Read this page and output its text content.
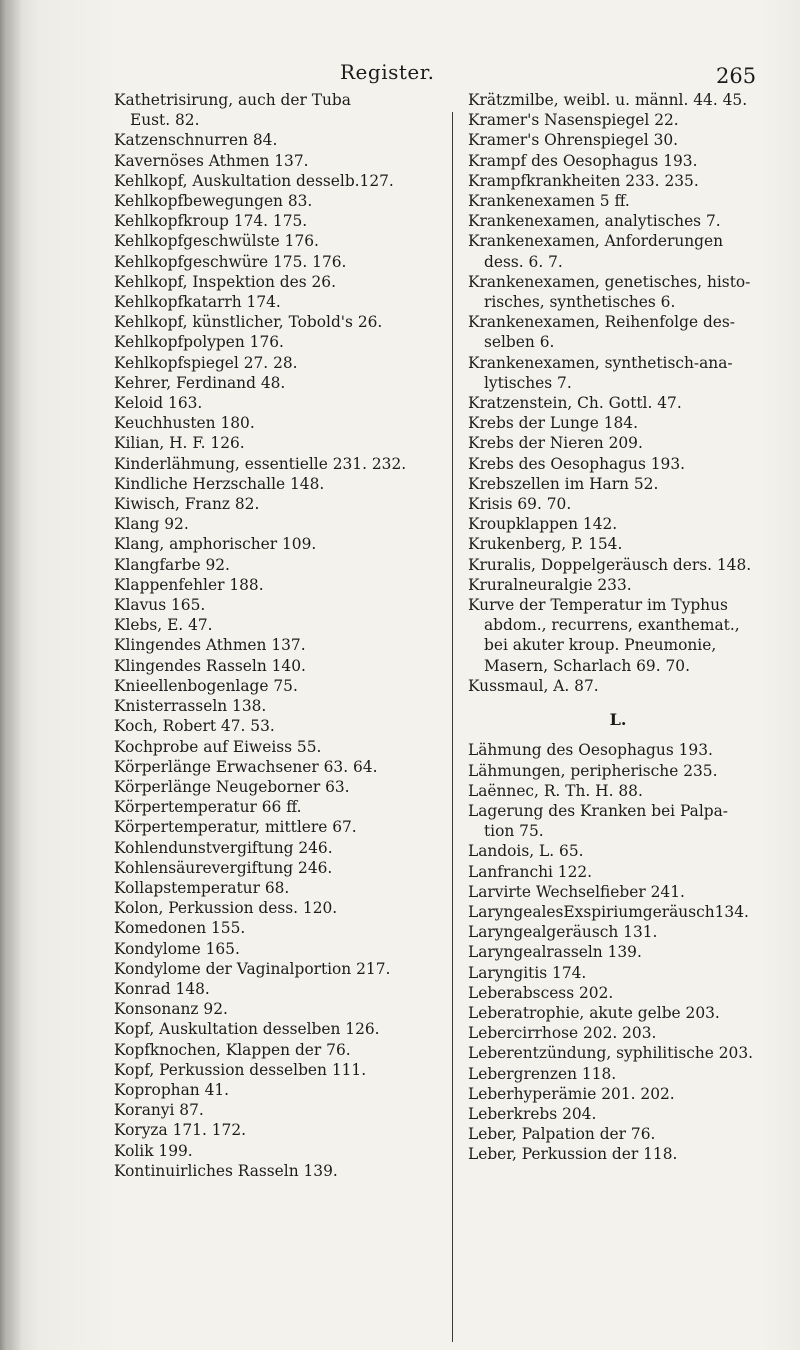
Register.	265

Kathetrisirung, auch der Tuba
Eust. 82.

Katzenschnurren 84.

Kavernöses Athmen 137.

Kehlkopf, Auskultation desselb.127.

Kehlkopfbewegungen 83.

Kehlkopfkroup 174. 175.

Kehlkopfgeschwülste 176.

Kehlkopfgeschwüre 175. 176.

Kehlkopf, Inspektion des 26.

Kehlkopfkatarrh 174.

Kehlkopf, künstlicher, Tobold's 26.

Kehlkopfpolypen 176.

Kehlkopfspiegel 27. 28.

Kehrer, Ferdinand 48.

Keloid 163.

Keuchhusten 180.

Kilian, H. F. 126.

Kinderlähmung, essentielle 231. 232.

Kindliche Herzschalle 148.

Kiwisch, Franz 82.

Klang 92.

Klang, amphorischer 109.

Klangfarbe 92.

Klappenfehler 188.

Klavus 165.

Klebs, E. 47.

Klingendes Athmen 137.

Klingendes Rasseln 140.

Knieellenbogenlage 75.

Knisterrasseln 138.

Koch, Robert 47. 53.

Kochprobe auf Eiweiss 55.

Körperlänge Erwachsener 63. 64.

Körperlänge Neugeborner 63.

Körpertemperatur 66 ff.

Körpertemperatur, mittlere 67.

Kohlendunstvergiftung 246.

Kohlensäurevergiftung 246.

Kollapstemperatur 68.

Kolon, Perkussion dess. 120.

Komedonen 155.

Kondylome 165.

Kondylome der Vaginalportion 217.

Konrad 148.

Konsonanz 92.

Kopf, Auskultation desselben 126.

Kopfknochen, Klappen der 76.

Kopf, Perkussion desselben 111.

Koprophan 41.

Koranyi 87.

Koryza 171. 172.

Kolik 199.

Kontinuirliches Rasseln 139.

Krätzmilbe, weibl. u. männl. 44. 45.

Kramer's Nasenspiegel 22.

Kramer's Ohrenspiegel 30.

Krampf des Oesophagus 193.

Krampfkrankheiten 233. 235.

Krankenexamen 5 ff.

Krankenexamen, analytisches 7.

Krankenexamen, Anforderungen
dess. 6. 7.

Krankenexamen, genetisches, histo-
risches, synthetisches 6.

Krankenexamen, Reihenfolge des-
selben 6.

Krankenexamen, synthetisch-ana-
lytisches 7.

Kratzenstein, Ch. Gottl. 47.

Krebs der Lunge 184.

Krebs der Nieren 209.

Krebs des Oesophagus 193.

Krebszellen im Harn 52.

Krisis 69. 70.

Kroupklappen 142.

Krukenberg, P. 154.

Kruralis, Doppelgeräusch ders. 148.

Kruralneuralgie 233.

Kurve der Temperatur im Typhus
abdom., recurrens, exanthemat.,
bei akuter kroup. Pneumonie,
Masern, Scharlach 69. 70.

Kussmaul, A. 87.

L.

Lähmung des Oesophagus 193.

Lähmungen, peripherische 235.

Laënnec, R. Th. H. 88.

Lagerung des Kranken bei Palpa-
tion 75.

Landois, L. 65.

Lanfranchi 122.

Larvirte Wechselfieber 241.

LaryngealesExspiriumgeräusch134.

Laryngealgeräusch 131.

Laryngealrasseln 139.

Laryngitis 174.

Leberabscess 202.

Leberatrophie, akute gelbe 203.

Lebercirrhose 202. 203.

Leberentzündung, syphilitische 203.

Lebergrenzen 118.

Leberhyperämie 201. 202.

Leberkrebs 204.

Leber, Palpation der 76.

Leber, Perkussion der 118.
